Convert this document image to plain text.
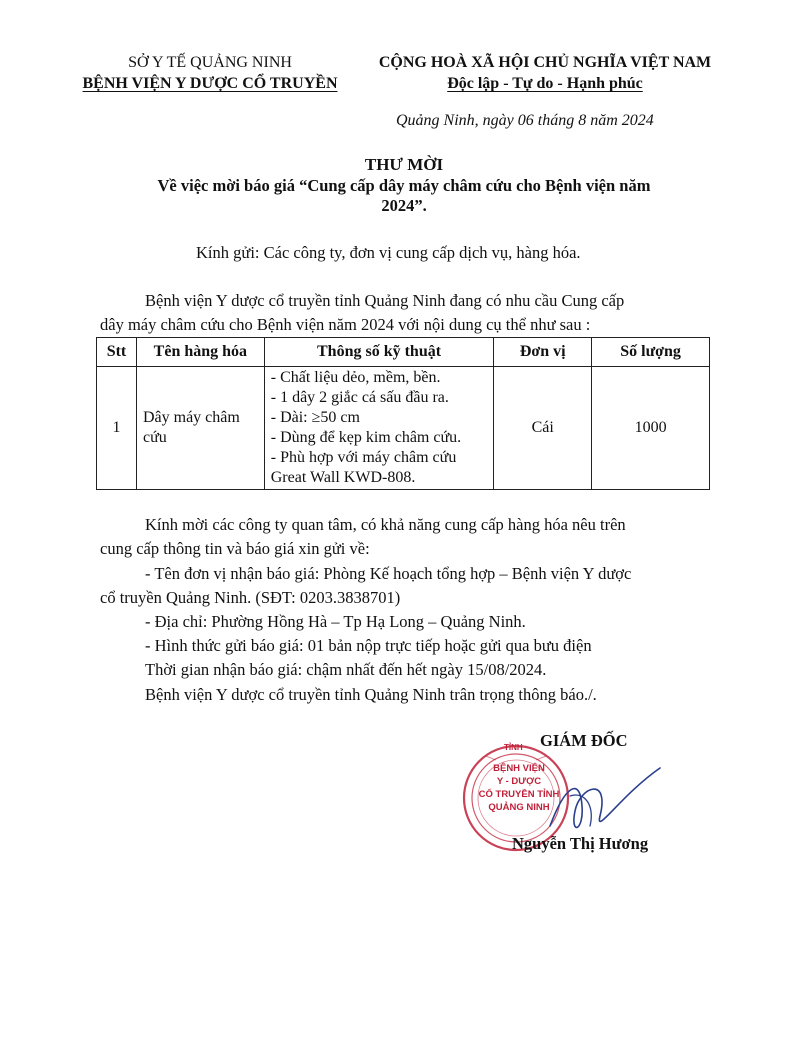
SỞ Y TẾ QUẢNG NINH
BỆNH VIỆN Y DƯỢC CỔ TRUYỀN
CỘNG HOÀ XÃ HỘI CHỦ NGHĨA VIỆT NAM
Độc lập - Tự do - Hạnh phúc
Quảng Ninh, ngày 06 tháng 8 năm 2024
THƯ MỜI
Về việc mời báo giá “Cung cấp dây máy châm cứu cho Bệnh viện năm
2024”.
Kính gửi: Các công ty, đơn vị cung cấp dịch vụ, hàng hóa.
Bệnh viện Y dược cổ truyền tỉnh Quảng Ninh đang có nhu cầu Cung cấp
dây máy châm cứu cho Bệnh viện năm 2024 với nội dung cụ thể như sau :
Stt	Tên hàng hóa	Thông số kỹ thuật	Đơn vị	Số lượng
1	Dây máy châm cứu	- Chất liệu dẻo, mềm, bền.
- 1 dây 2 giắc cá sấu đầu ra.
- Dài: ≥50 cm
- Dùng để kẹp kim châm cứu.
- Phù hợp với máy châm cứu Great Wall KWD-808.	Cái	1000
Kính mời các công ty quan tâm, có khả năng cung cấp hàng hóa nêu trên
cung cấp thông tin và báo giá xin gửi về:
- Tên đơn vị nhận báo giá: Phòng Kế hoạch tổng hợp – Bệnh viện Y dược
cổ truyền Quảng Ninh. (SĐT: 0203.3838701)
- Địa chỉ: Phường Hồng Hà – Tp Hạ Long – Quảng Ninh.
- Hình thức gửi báo giá: 01 bản nộp trực tiếp hoặc gửi qua bưu điện
Thời gian nhận báo giá: chậm nhất đến hết ngày 15/08/2024.
Bệnh viện Y dược cổ truyền tỉnh Quảng Ninh trân trọng thông báo./.
GIÁM ĐỐC
TỈNH
BỆNH VIỆN
Y - DƯỢC
CỔ TRUYỀN TỈNH
QUẢNG NINH
Nguyễn Thị Hương
